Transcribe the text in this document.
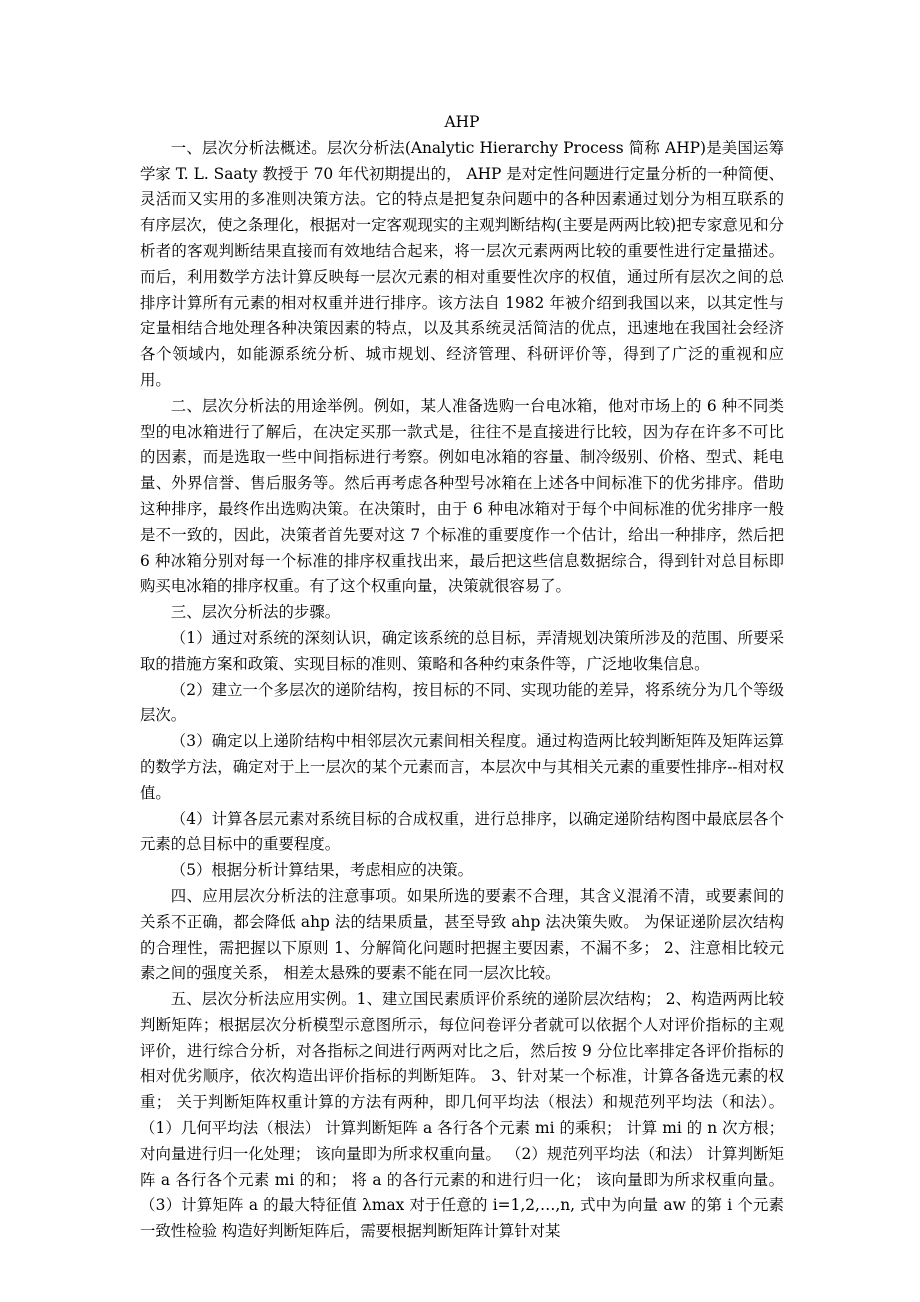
AHP

一、层次分析法概述。层次分析法(Analytic Hierarchy Process 简称 AHP)是美国运筹学家 T. L. Saaty 教授于 70 年代初期提出的， AHP 是对定性问题进行定量分析的一种简便、灵活而又实用的多准则决策方法。它的特点是把复杂问题中的各种因素通过划分为相互联系的有序层次，使之条理化，根据对一定客观现实的主观判断结构(主要是两两比较)把专家意见和分析者的客观判断结果直接而有效地结合起来，将一层次元素两两比较的重要性进行定量描述。而后，利用数学方法计算反映每一层次元素的相对重要性次序的权值，通过所有层次之间的总排序计算所有元素的相对权重并进行排序。该方法自 1982 年被介绍到我国以来，以其定性与定量相结合地处理各种决策因素的特点，以及其系统灵活简洁的优点，迅速地在我国社会经济各个领域内，如能源系统分析、城市规划、经济管理、科研评价等，得到了广泛的重视和应用。

二、层次分析法的用途举例。例如，某人准备选购一台电冰箱，他对市场上的 6 种不同类型的电冰箱进行了解后，在决定买那一款式是，往往不是直接进行比较，因为存在许多不可比的因素，而是选取一些中间指标进行考察。例如电冰箱的容量、制冷级别、价格、型式、耗电量、外界信誉、售后服务等。然后再考虑各种型号冰箱在上述各中间标准下的优劣排序。借助这种排序，最终作出选购决策。在决策时，由于 6 种电冰箱对于每个中间标准的优劣排序一般是不一致的，因此，决策者首先要对这 7 个标准的重要度作一个估计，给出一种排序，然后把 6 种冰箱分别对每一个标准的排序权重找出来，最后把这些信息数据综合，得到针对总目标即购买电冰箱的排序权重。有了这个权重向量，决策就很容易了。

三、层次分析法的步骤。

（1）通过对系统的深刻认识，确定该系统的总目标，弄清规划决策所涉及的范围、所要采取的措施方案和政策、实现目标的准则、策略和各种约束条件等，广泛地收集信息。

（2）建立一个多层次的递阶结构，按目标的不同、实现功能的差异，将系统分为几个等级层次。

（3）确定以上递阶结构中相邻层次元素间相关程度。通过构造两比较判断矩阵及矩阵运算的数学方法，确定对于上一层次的某个元素而言，本层次中与其相关元素的重要性排序--相对权值。

（4）计算各层元素对系统目标的合成权重，进行总排序，以确定递阶结构图中最底层各个元素的总目标中的重要程度。

（5）根据分析计算结果，考虑相应的决策。

四、应用层次分析法的注意事项。如果所选的要素不合理，其含义混淆不清，或要素间的关系不正确，都会降低 ahp 法的结果质量，甚至导致 ahp 法决策失败。 为保证递阶层次结构的合理性，需把握以下原则 1、分解简化问题时把握主要因素，不漏不多； 2、注意相比较元素之间的强度关系， 相差太悬殊的要素不能在同一层次比较。

五、层次分析法应用实例。1、建立国民素质评价系统的递阶层次结构； 2、构造两两比较判断矩阵；根据层次分析模型示意图所示，每位问卷评分者就可以依据个人对评价指标的主观评价，进行综合分析，对各指标之间进行两两对比之后，然后按 9 分位比率排定各评价指标的相对优劣顺序，依次构造出评价指标的判断矩阵。 3、针对某一个标准，计算各备选元素的权重； 关于判断矩阵权重计算的方法有两种，即几何平均法（根法）和规范列平均法（和法）。 （1）几何平均法（根法） 计算判断矩阵 a 各行各个元素 mi 的乘积； 计算 mi 的 n 次方根； 对向量进行归一化处理； 该向量即为所求权重向量。 （2）规范列平均法（和法） 计算判断矩阵 a 各行各个元素 mi 的和； 将 a 的各行元素的和进行归一化； 该向量即为所求权重向量。 （3）计算矩阵 a 的最大特征值 λmax 对于任意的 i=1,2,…,n, 式中为向量 aw 的第 i 个元素 一致性检验 构造好判断矩阵后，需要根据判断矩阵计算针对某
